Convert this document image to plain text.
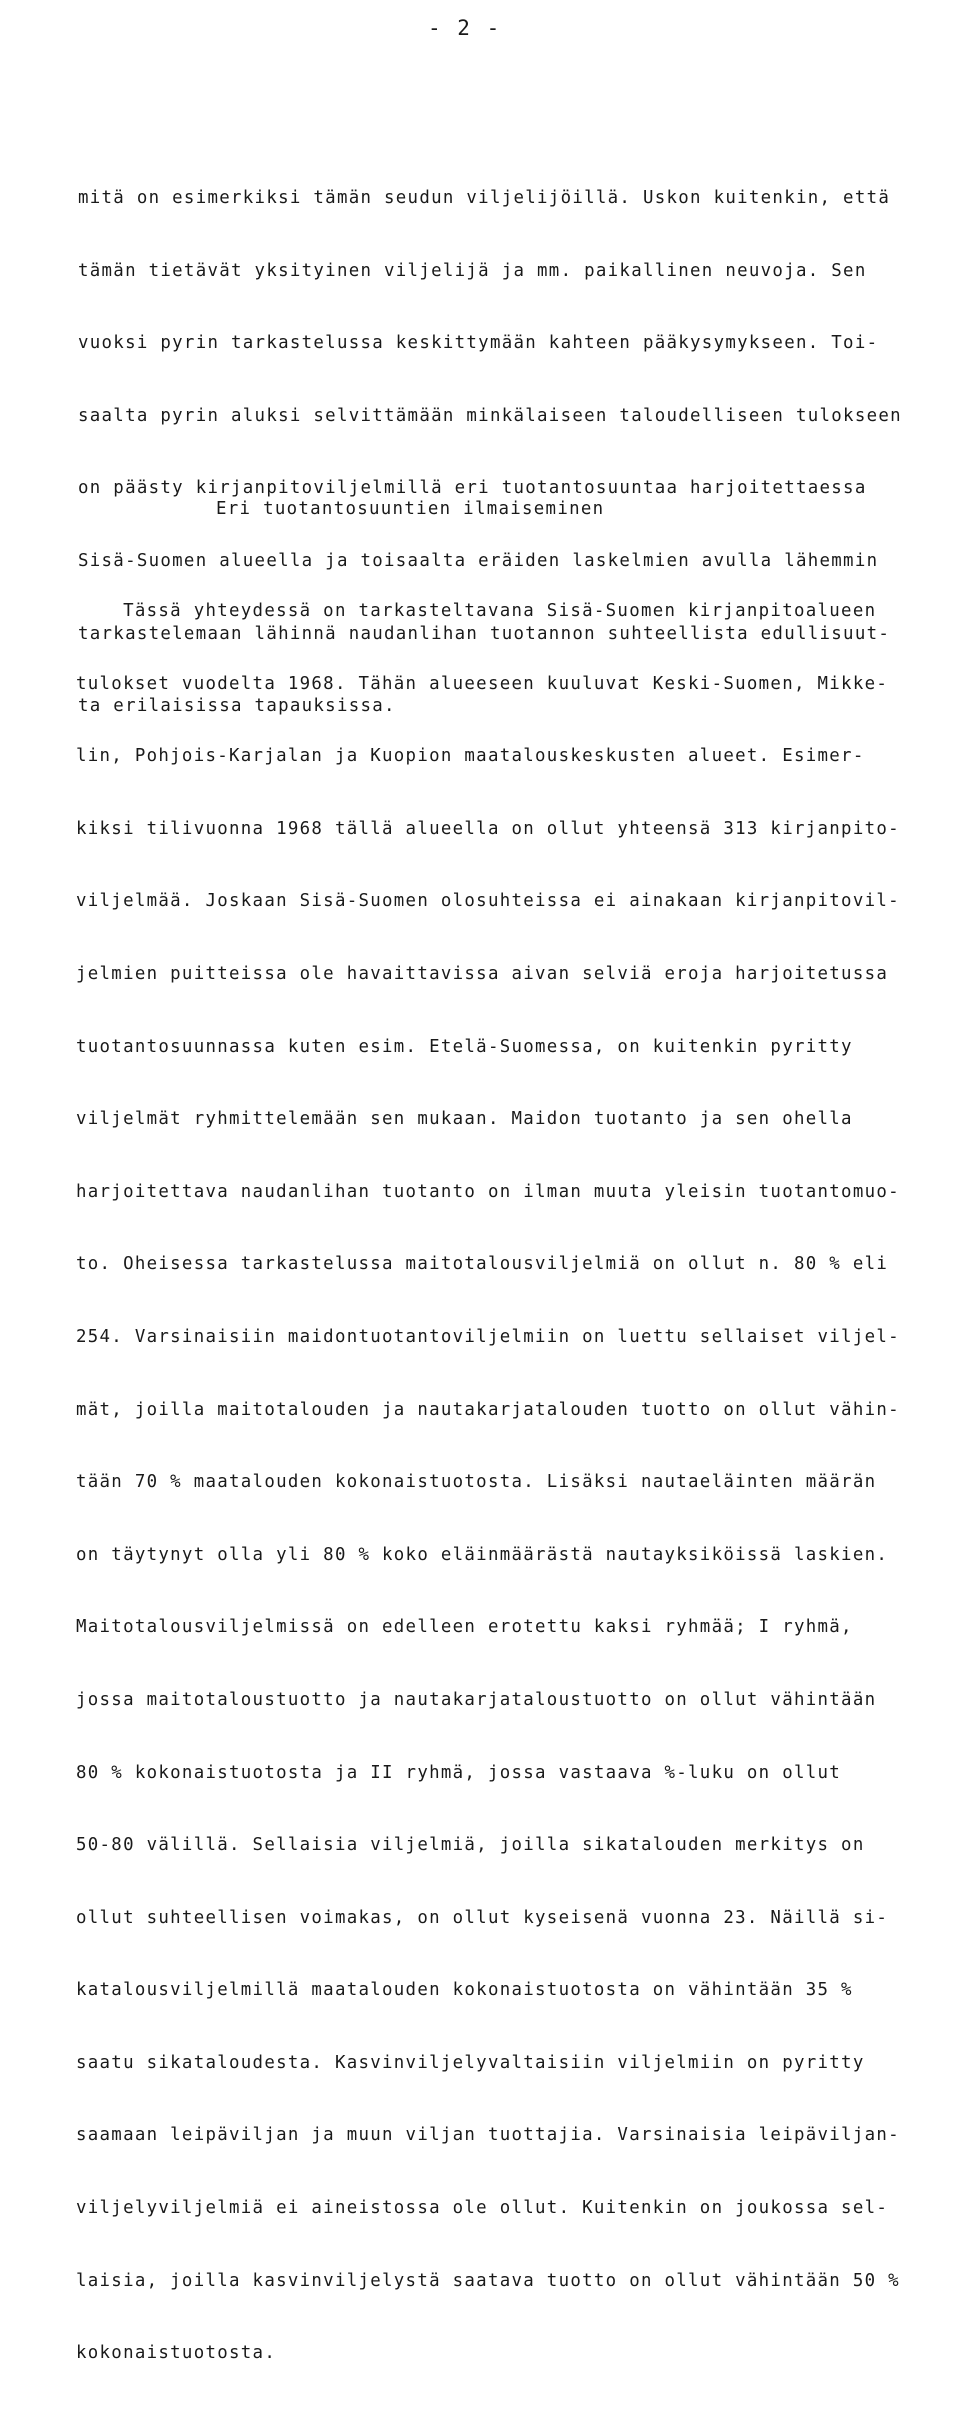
- 2 -

mitä on esimerkiksi tämän seudun viljelijöillä. Uskon kuitenkin, että

tämän tietävät yksityinen viljelijä ja mm. paikallinen neuvoja. Sen

vuoksi pyrin tarkastelussa keskittymään kahteen pääkysymykseen. Toi-

saalta pyrin aluksi selvittämään minkälaiseen taloudelliseen tulokseen

on päästy kirjanpitoviljelmillä eri tuotantosuuntaa harjoitettaessa

Sisä-Suomen alueella ja toisaalta eräiden laskelmien avulla lähemmin

tarkastelemaan lähinnä naudanlihan tuotannon suhteellista edullisuut-

ta erilaisissa tapauksissa.

Eri tuotantosuuntien ilmaiseminen

Tässä yhteydessä on tarkasteltavana Sisä-Suomen kirjanpitoalueen

tulokset vuodelta 1968. Tähän alueeseen kuuluvat Keski-Suomen, Mikke-

lin, Pohjois-Karjalan ja Kuopion maatalouskeskusten alueet. Esimer-

kiksi tilivuonna 1968 tällä alueella on ollut yhteensä 313 kirjanpito-

viljelmää. Joskaan Sisä-Suomen olosuhteissa ei ainakaan kirjanpitovil-

jelmien puitteissa ole havaittavissa aivan selviä eroja harjoitetussa

tuotantosuunnassa kuten esim. Etelä-Suomessa, on kuitenkin pyritty

viljelmät ryhmittelemään sen mukaan. Maidon tuotanto ja sen ohella

harjoitettava naudanlihan tuotanto on ilman muuta yleisin tuotantomuo-

to. Oheisessa tarkastelussa maitotalousviljelmiä on ollut n. 80 % eli

254. Varsinaisiin maidontuotantoviljelmiin on luettu sellaiset viljel-

mät, joilla maitotalouden ja nautakarjatalouden tuotto on ollut vähin-

tään 70 % maatalouden kokonaistuotosta. Lisäksi nautaeläinten määrän

on täytynyt olla yli 80 % koko eläinmäärästä nautayksiköissä laskien.

Maitotalousviljelmissä on edelleen erotettu kaksi ryhmää; I ryhmä,

jossa maitotaloustuotto ja nautakarjataloustuotto on ollut vähintään

80 % kokonaistuotosta ja II ryhmä, jossa vastaava %-luku on ollut

50-80 välillä. Sellaisia viljelmiä, joilla sikatalouden merkitys on

ollut suhteellisen voimakas, on ollut kyseisenä vuonna 23. Näillä si-

katalousviljelmillä maatalouden kokonaistuotosta on vähintään 35 %

saatu sikataloudesta. Kasvinviljelyvaltaisiin viljelmiin on pyritty

saamaan leipäviljan ja muun viljan tuottajia. Varsinaisia leipäviljan-

viljelyviljelmiä ei aineistossa ole ollut. Kuitenkin on joukossa sel-

laisia, joilla kasvinviljelystä saatava tuotto on ollut vähintään 50 %

kokonaistuotosta.
